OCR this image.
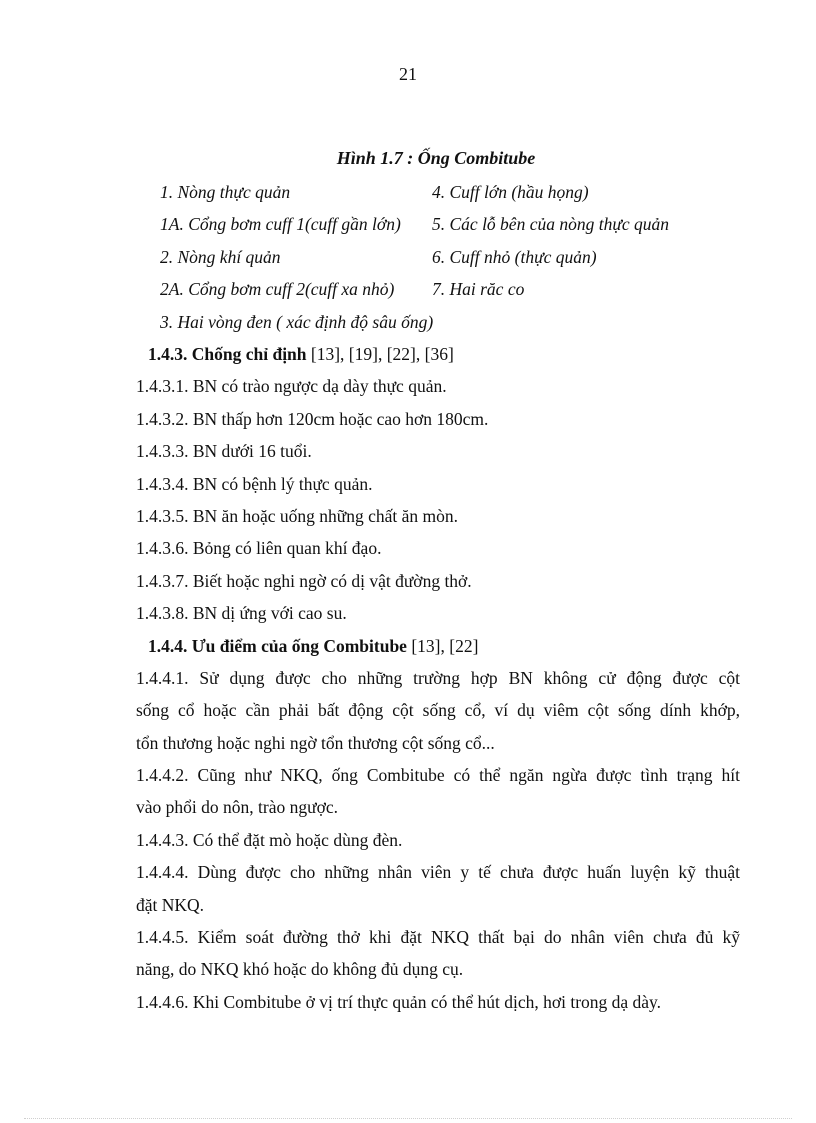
21
Hình 1.7 : Ống Combitube
1. Nòng thực quản	4. Cuff lớn (hầu họng)
1A. Cổng bơm cuff 1(cuff gần lớn) 5. Các lỗ bên của nòng thực quản
2. Nòng khí quản	6. Cuff nhỏ (thực quản)
2A. Cổng bơm cuff 2(cuff xa nhỏ) 7. Hai răc co
3. Hai vòng đen ( xác định độ sâu ống)
1.4.3. Chống chỉ định [13], [19], [22], [36]
1.4.3.1. BN có trào ngược dạ dày thực quản.
1.4.3.2. BN thấp hơn 120cm hoặc cao hơn 180cm.
1.4.3.3. BN dưới 16 tuổi.
1.4.3.4. BN có bệnh lý thực quản.
1.4.3.5. BN ăn hoặc uống những chất ăn mòn.
1.4.3.6. Bỏng có liên quan khí đạo.
1.4.3.7. Biết hoặc nghi ngờ có dị vật đường thở.
1.4.3.8. BN dị ứng với cao su.
1.4.4. Ưu điểm của ống Combitube [13], [22]
1.4.4.1. Sử dụng được cho những trường hợp BN không cử động được cột
sống cổ hoặc cần phải bất động cột sống cổ, ví dụ viêm cột sống dính khớp,
tổn thương hoặc nghi ngờ tổn thương cột sống cổ...
1.4.4.2. Cũng như NKQ, ống Combitube có thể ngăn ngừa được tình trạng hít
vào phổi do nôn, trào ngược.
1.4.4.3. Có thể đặt mò hoặc dùng đèn.
1.4.4.4. Dùng được cho những nhân viên y tế chưa được huấn luyện kỹ thuật
đặt NKQ.
1.4.4.5. Kiểm soát đường thở khi đặt NKQ thất bại do nhân viên chưa đủ kỹ
năng, do NKQ khó hoặc do không đủ dụng cụ.
1.4.4.6. Khi Combitube ở vị trí thực quản có thể hút dịch, hơi trong dạ dày.
